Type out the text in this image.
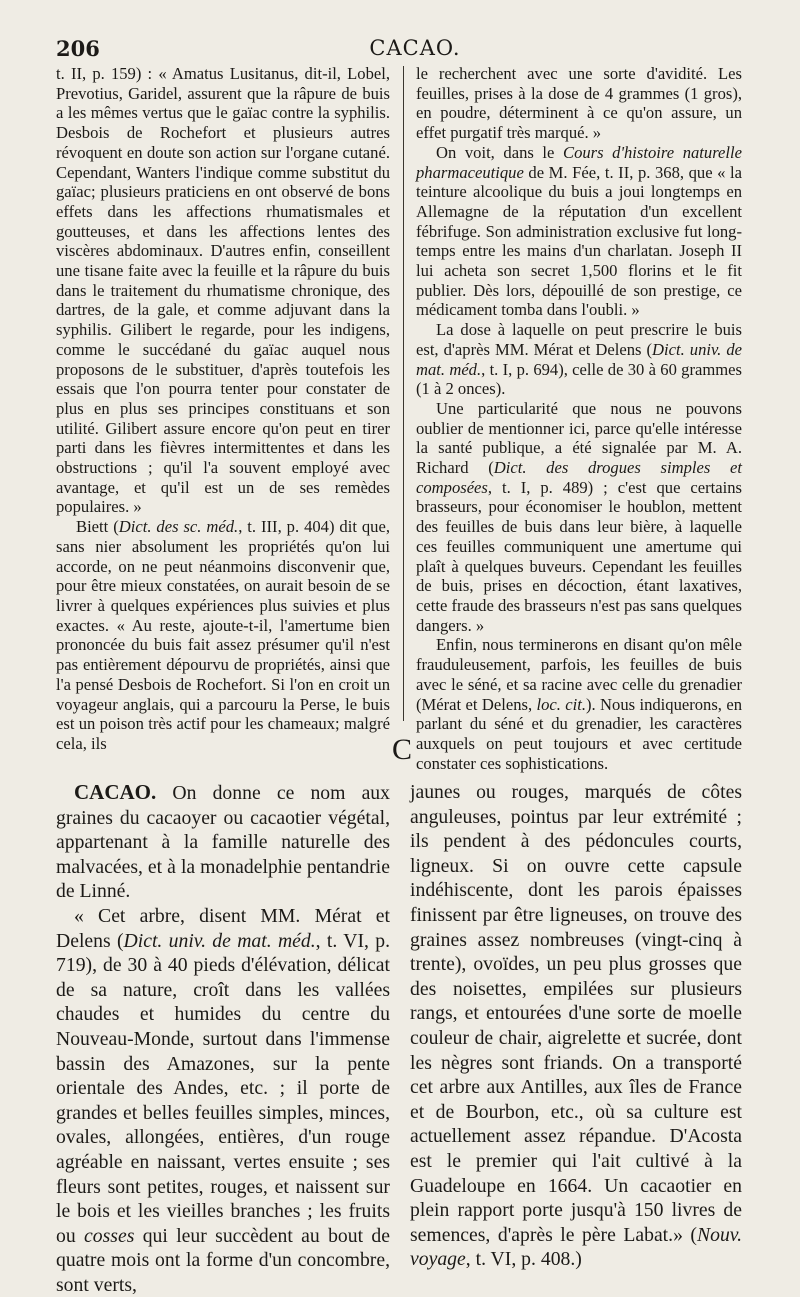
206	CACAO.

t. II, p. 159) : « Amatus Lusitanus, dit-il, Lobel, Prevotius, Garidel, assurent que la râpure de buis a les mêmes vertus que le gaïac contre la syphilis. Desbois de Rochefort et plusieurs autres révoquent en doute son action sur l'organe cutané. Cependant, Wanters l'indique comme substitut du gaïac; plusieurs praticiens en ont observé de bons effets dans les affections rhumatismales et goutteuses, et dans les affections lentes des viscères abdominaux. D'autres enfin, conseillent une tisane faite avec la feuille et la râpure du buis dans le traitement du rhumatisme chronique, des dartres, de la gale, et comme adjuvant dans la syphilis. Gilibert le regarde, pour les indigens, comme le succédané du gaïac auquel nous proposons de le substituer, d'après toutefois les essais que l'on pourra tenter pour constater de plus en plus ses principes constituans et son utilité. Gilibert assure encore qu'on peut en tirer parti dans les fièvres intermittentes et dans les obstructions ; qu'il l'a souvent employé avec avantage, et qu'il est un de ses remèdes populaires. »

Biett (Dict. des sc. méd., t. III, p. 404) dit que, sans nier absolument les propriétés qu'on lui accorde, on ne peut néanmoins disconvenir que, pour être mieux constatées, on aurait besoin de se livrer à quelques expériences plus suivies et plus exactes. « Au reste, ajoute-t-il, l'amertume bien prononcée du buis fait assez présumer qu'il n'est pas entièrement dépourvu de propriétés, ainsi que l'a pensé Desbois de Rochefort. Si l'on en croit un voyageur anglais, qui a parcouru la Perse, le buis est un poison très actif pour les chameaux; malgré cela, ils

le recherchent avec une sorte d'avidité. Les feuilles, prises à la dose de 4 grammes (1 gros), en poudre, déterminent à ce qu'on assure, un effet purgatif très marqué. »

On voit, dans le Cours d'histoire naturelle pharmaceutique de M. Fée, t. II, p. 368, que « la teinture alcoolique du buis a joui longtemps en Allemagne de la réputation d'un excellent fébrifuge. Son administration exclusive fut long-temps entre les mains d'un charlatan. Joseph II lui acheta son secret 1,500 florins et le fit publier. Dès lors, dépouillé de son prestige, ce médicament tomba dans l'oubli. »

La dose à laquelle on peut prescrire le buis est, d'après MM. Mérat et Delens (Dict. univ. de mat. méd., t. I, p. 694), celle de 30 à 60 grammes (1 à 2 onces).

Une particularité que nous ne pouvons oublier de mentionner ici, parce qu'elle intéresse la santé publique, a été signalée par M. A. Richard (Dict. des drogues simples et composées, t. I, p. 489) ; c'est que certains brasseurs, pour économiser le houblon, mettent des feuilles de buis dans leur bière, à laquelle ces feuilles communiquent une amertume qui plaît à quelques buveurs. Cependant les feuilles de buis, prises en décoction, étant laxatives, cette fraude des brasseurs n'est pas sans quelques dangers. »

Enfin, nous terminerons en disant qu'on mêle frauduleusement, parfois, les feuilles de buis avec le séné, et sa racine avec celle du grenadier (Mérat et Delens, loc. cit.). Nous indiquerons, en parlant du séné et du grenadier, les caractères auxquels on peut toujours et avec certitude constater ces sophistications.

C

CACAO. On donne ce nom aux graines du cacaoyer ou cacaotier végétal, appartenant à la famille naturelle des malvacées, et à la monadelphie pentandrie de Linné.

« Cet arbre, disent MM. Mérat et Delens (Dict. univ. de mat. méd., t. VI, p. 719), de 30 à 40 pieds d'élévation, délicat de sa nature, croît dans les vallées chaudes et humides du centre du Nouveau-Monde, surtout dans l'immense bassin des Amazones, sur la pente orientale des Andes, etc. ; il porte de grandes et belles feuilles simples, minces, ovales, allongées, entières, d'un rouge agréable en naissant, vertes ensuite ; ses fleurs sont petites, rouges, et naissent sur le bois et les vieilles branches ; les fruits ou cosses qui leur succèdent au bout de quatre mois ont la forme d'un concombre, sont verts,

jaunes ou rouges, marqués de côtes anguleuses, pointus par leur extrémité ; ils pendent à des pédoncules courts, ligneux. Si on ouvre cette capsule indéhiscente, dont les parois épaisses finissent par être ligneuses, on trouve des graines assez nombreuses (vingt-cinq à trente), ovoïdes, un peu plus grosses que des noisettes, empilées sur plusieurs rangs, et entourées d'une sorte de moelle couleur de chair, aigrelette et sucrée, dont les nègres sont friands. On a transporté cet arbre aux Antilles, aux îles de France et de Bourbon, etc., où sa culture est actuellement assez répandue. D'Acosta est le premier qui l'ait cultivé à la Guadeloupe en 1664. Un cacaotier en plein rapport porte jusqu'à 150 livres de semences, d'après le père Labat.» (Nouv. voyage, t. VI, p. 408.)
